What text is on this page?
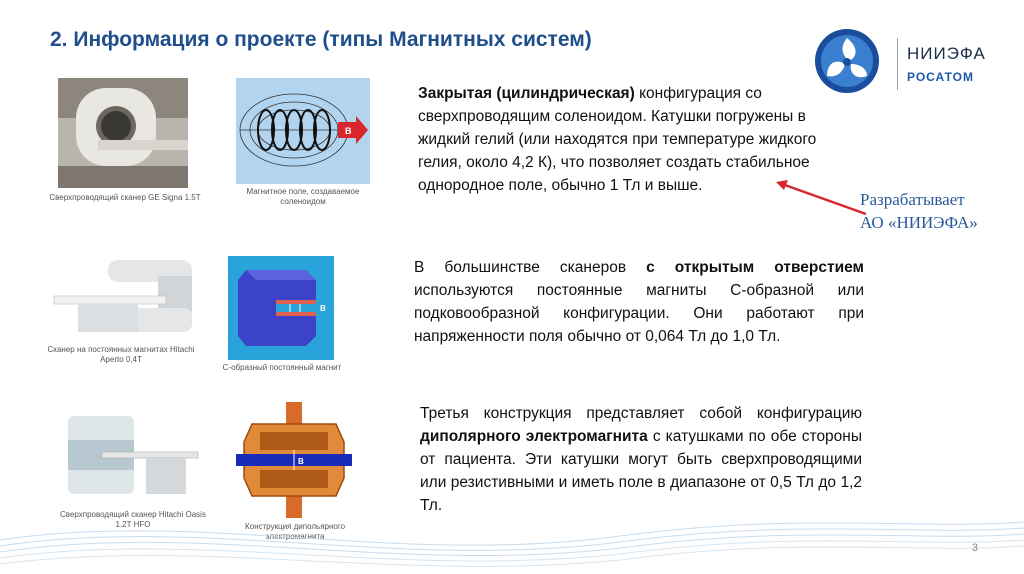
2. Информация о проекте (типы Магнитных систем)
НИИЭФА
РОСАТОМ
Сверхпроводящий сканер GE Signa 1.5T
B
Магнитное поле, создаваемое
соленоидом
Сканер на постоянных магнитах Hitachi
Aperto 0,4T
B
С-образный постоянный магнит
Сверхпроводящий сканер Hitachi Oasis
1.2T HFO
B
Конструкция дипольярного
электромагнита
Закрытая (цилиндрическая) конфигурация со сверхпроводящим соленоидом. Катушки погружены в жидкий гелий (или находятся при температуре жидкого гелия, около 4,2 К), что позволяет создать стабильное однородное поле, обычно 1 Тл и выше.
Разрабатывает
АО «НИИЭФА»
В большинстве сканеров с открытым отверстием используются постоянные магниты С-образной или подковообразной конфигурации. Они работают при напряженности поля обычно от 0,064 Тл до 1,0 Тл.
Третья конструкция представляет собой конфигурацию диполярного электромагнита с катушками по обе стороны от пациента. Эти катушки могут быть сверхпроводящими или резистивными и иметь поле в диапазоне от 0,5 Тл до 1,2 Тл.
3
